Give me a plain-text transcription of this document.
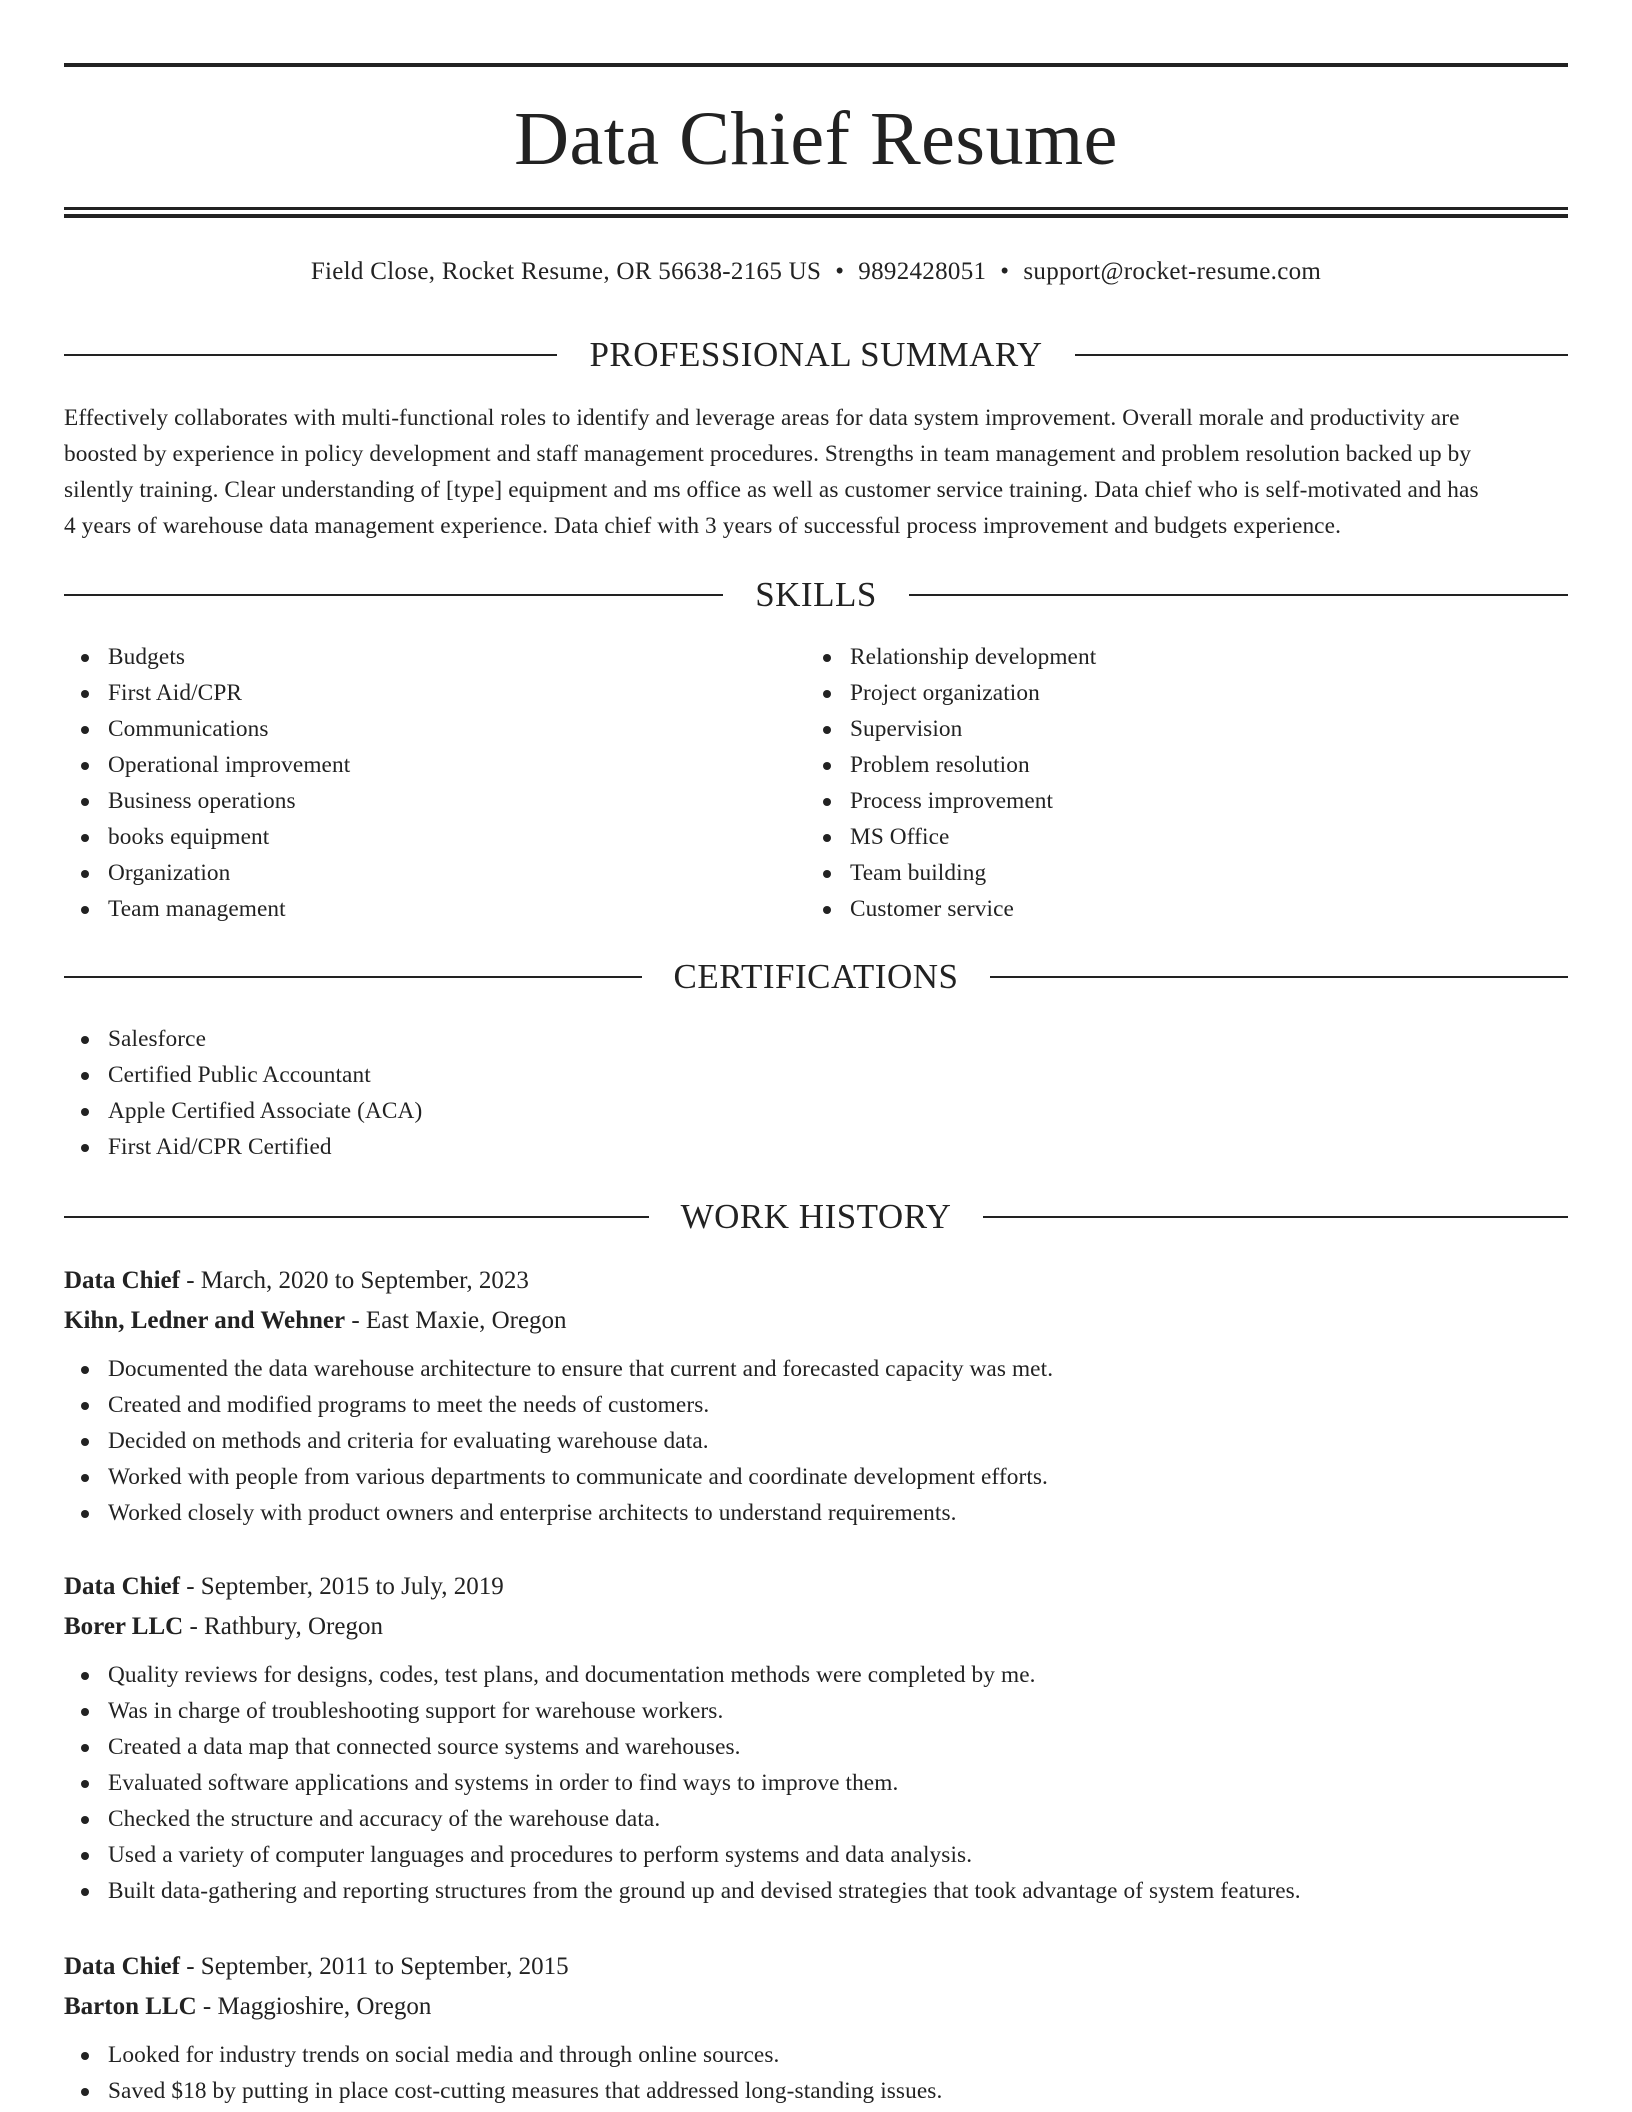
Data Chief Resume
Field Close, Rocket Resume, OR 56638-2165 US • 9892428051 • support@rocket-resume.com
PROFESSIONAL SUMMARY
Effectively collaborates with multi-functional roles to identify and leverage areas for data system improvement. Overall morale and productivity are
boosted by experience in policy development and staff management procedures. Strengths in team management and problem resolution backed up by
silently training. Clear understanding of [type] equipment and ms office as well as customer service training. Data chief who is self-motivated and has
4 years of warehouse data management experience. Data chief with 3 years of successful process improvement and budgets experience.
SKILLS
Budgets
First Aid/CPR
Communications
Operational improvement
Business operations
books equipment
Organization
Team management
Relationship development
Project organization
Supervision
Problem resolution
Process improvement
MS Office
Team building
Customer service
CERTIFICATIONS
Salesforce
Certified Public Accountant
Apple Certified Associate (ACA)
First Aid/CPR Certified
WORK HISTORY
Data Chief - March, 2020 to September, 2023
Kihn, Ledner and Wehner - East Maxie, Oregon
Documented the data warehouse architecture to ensure that current and forecasted capacity was met.
Created and modified programs to meet the needs of customers.
Decided on methods and criteria for evaluating warehouse data.
Worked with people from various departments to communicate and coordinate development efforts.
Worked closely with product owners and enterprise architects to understand requirements.
Data Chief - September, 2015 to July, 2019
Borer LLC - Rathbury, Oregon
Quality reviews for designs, codes, test plans, and documentation methods were completed by me.
Was in charge of troubleshooting support for warehouse workers.
Created a data map that connected source systems and warehouses.
Evaluated software applications and systems in order to find ways to improve them.
Checked the structure and accuracy of the warehouse data.
Used a variety of computer languages and procedures to perform systems and data analysis.
Built data-gathering and reporting structures from the ground up and devised strategies that took advantage of system features.
Data Chief - September, 2011 to September, 2015
Barton LLC - Maggioshire, Oregon
Looked for industry trends on social media and through online sources.
Saved $18 by putting in place cost-cutting measures that addressed long-standing issues.
